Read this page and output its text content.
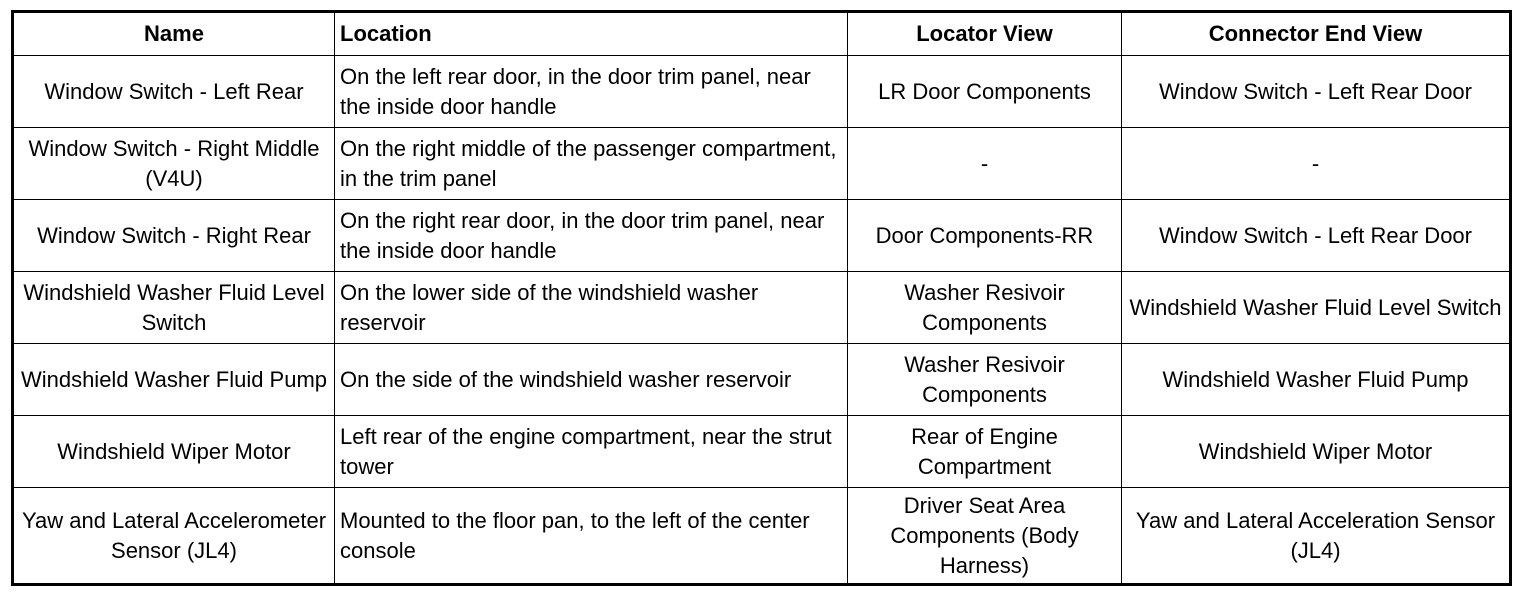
Name	Location	Locator View	Connector End View
Window Switch - Left Rear	On the left rear door, in the door trim panel, near the inside door handle	LR Door Components	Window Switch - Left Rear Door
Window Switch - Right Middle (V4U)	On the right middle of the passenger compartment, in the trim panel	-	-
Window Switch - Right Rear	On the right rear door, in the door trim panel, near the inside door handle	Door Components-RR	Window Switch - Left Rear Door
Windshield Washer Fluid Level Switch	On the lower side of the windshield washer reservoir	Washer Resivoir Components	Windshield Washer Fluid Level Switch
Windshield Washer Fluid Pump	On the side of the windshield washer reservoir	Washer Resivoir Components	Windshield Washer Fluid Pump
Windshield Wiper Motor	Left rear of the engine compartment, near the strut tower	Rear of Engine Compartment	Windshield Wiper Motor
Yaw and Lateral Accelerometer Sensor (JL4)	Mounted to the floor pan, to the left of the center console	Driver Seat Area Components (Body Harness)	Yaw and Lateral Acceleration Sensor (JL4)
